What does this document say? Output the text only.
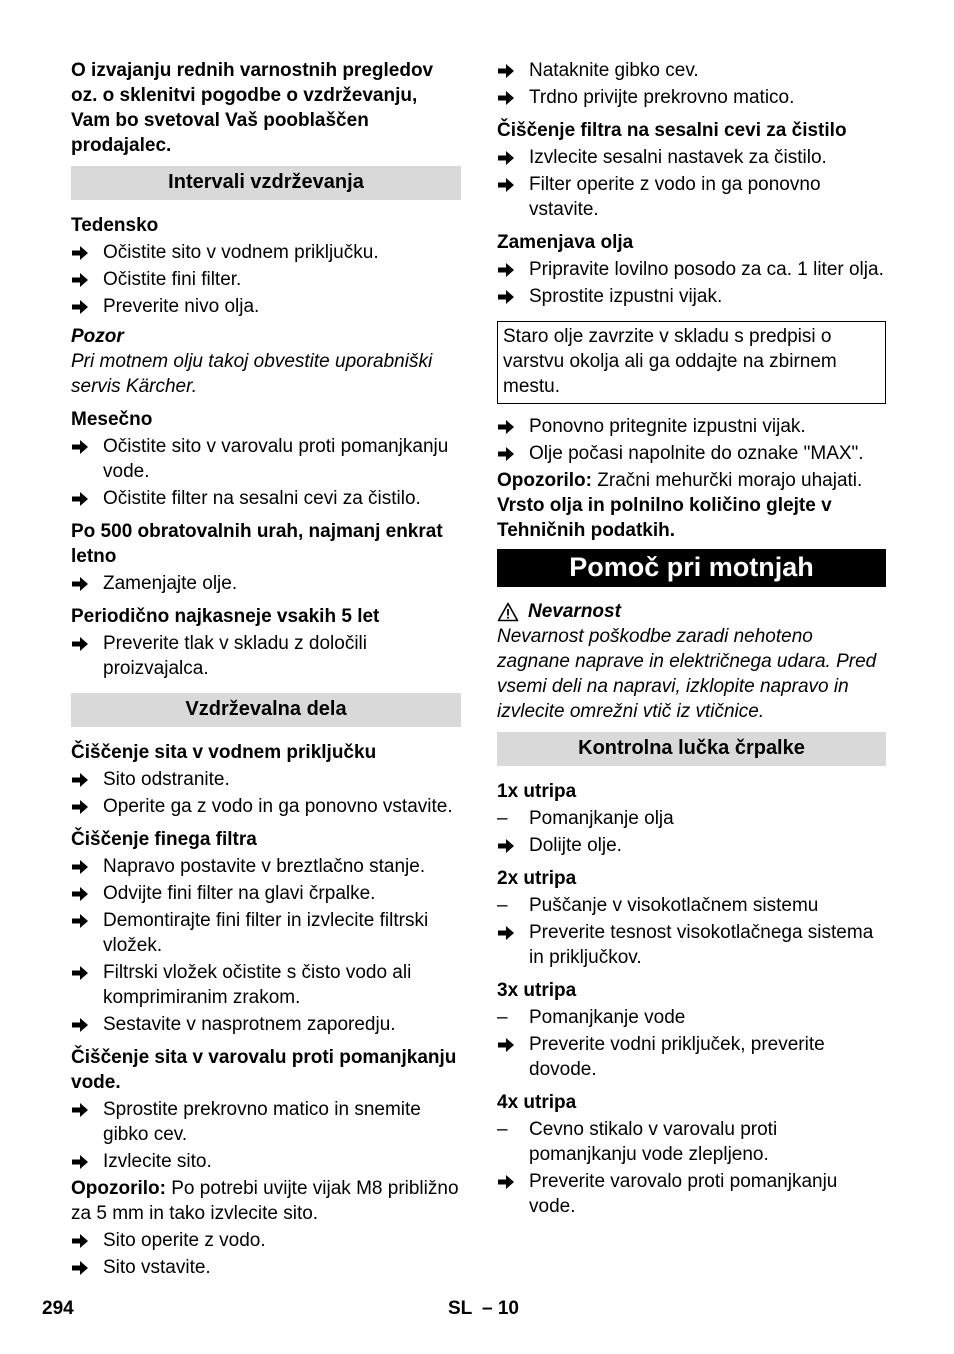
O izvajanju rednih varnostnih pregledov oz. o sklenitvi pogodbe o vzdrževanju, Vam bo svetoval Vaš pooblaščen prodajalec.

Intervali vzdrževanja
Tedensko
Očistite sito v vodnem priključku.
Očistite fini filter.
Preverite nivo olja.

Pozor

Pri motnem olju takoj obvestite uporabniški servis Kärcher.

Mesečno
Očistite sito v varovalu proti pomanjkanju vode.
Očistite filter na sesalni cevi za čistilo.
Po 500 obratovalnih urah, najmanj enkrat letno
Zamenjajte olje.
Periodično najkasneje vsakih 5 let
Preverite tlak v skladu z določili proizvajalca.
Vzdrževalna dela
Čiščenje sita v vodnem priključku
Sito odstranite.
Operite ga z vodo in ga ponovno vstavite.
Čiščenje finega filtra
Napravo postavite v breztlačno stanje.
Odvijte fini filter na glavi črpalke.
Demontirajte fini filter in izvlecite filtrski vložek.
Filtrski vložek očistite s čisto vodo ali komprimiranim zrakom.
Sestavite v nasprotnem zaporedju.
Čiščenje sita v varovalu proti pomanjkanju vode.
Sprostite prekrovno matico in snemite gibko cev.
Izvlecite sito.

Opozorilo: Po potrebi uvijte vijak M8 približno za 5 mm in tako izvlecite sito.

Sito operite z vodo.
Sito vstavite.
Nataknite gibko cev.
Trdno privijte prekrovno matico.
Čiščenje filtra na sesalni cevi za čistilo
Izvlecite sesalni nastavek za čistilo.
Filter operite z vodo in ga ponovno vstavite.
Zamenjava olja
Pripravite lovilno posodo za ca. 1 liter olja.
Sprostite izpustni vijak.
Staro olje zavrzite v skladu s predpisi o varstvu okolja ali ga oddajte na zbirnem mestu.
Ponovno pritegnite izpustni vijak.
Olje počasi napolnite do oznake "MAX".

Opozorilo: Zračni mehurčki morajo uhajati.

Vrsto olja in polnilno količino glejte v Tehničnih podatkih.

Pomoč pri motnjah
Nevarnost

Nevarnost poškodbe zaradi nehoteno zagnane naprave in električnega udara. Pred vsemi deli na napravi, izklopite napravo in izvlecite omrežni vtič iz vtičnice.

Kontrolna lučka črpalke
1x utripa
–	Pomanjkanje olja
Dolijte olje.
2x utripa
–	Puščanje v visokotlačnem sistemu
Preverite tesnost visokotlačnega sistema in priključkov.
3x utripa
–	Pomanjkanje vode
Preverite vodni priključek, preverite dovode.
4x utripa
–	Cevno stikalo v varovalu proti pomanjkanju vode zlepljeno.
Preverite varovalo proti pomanjkanju vode.
294	SL – 10
